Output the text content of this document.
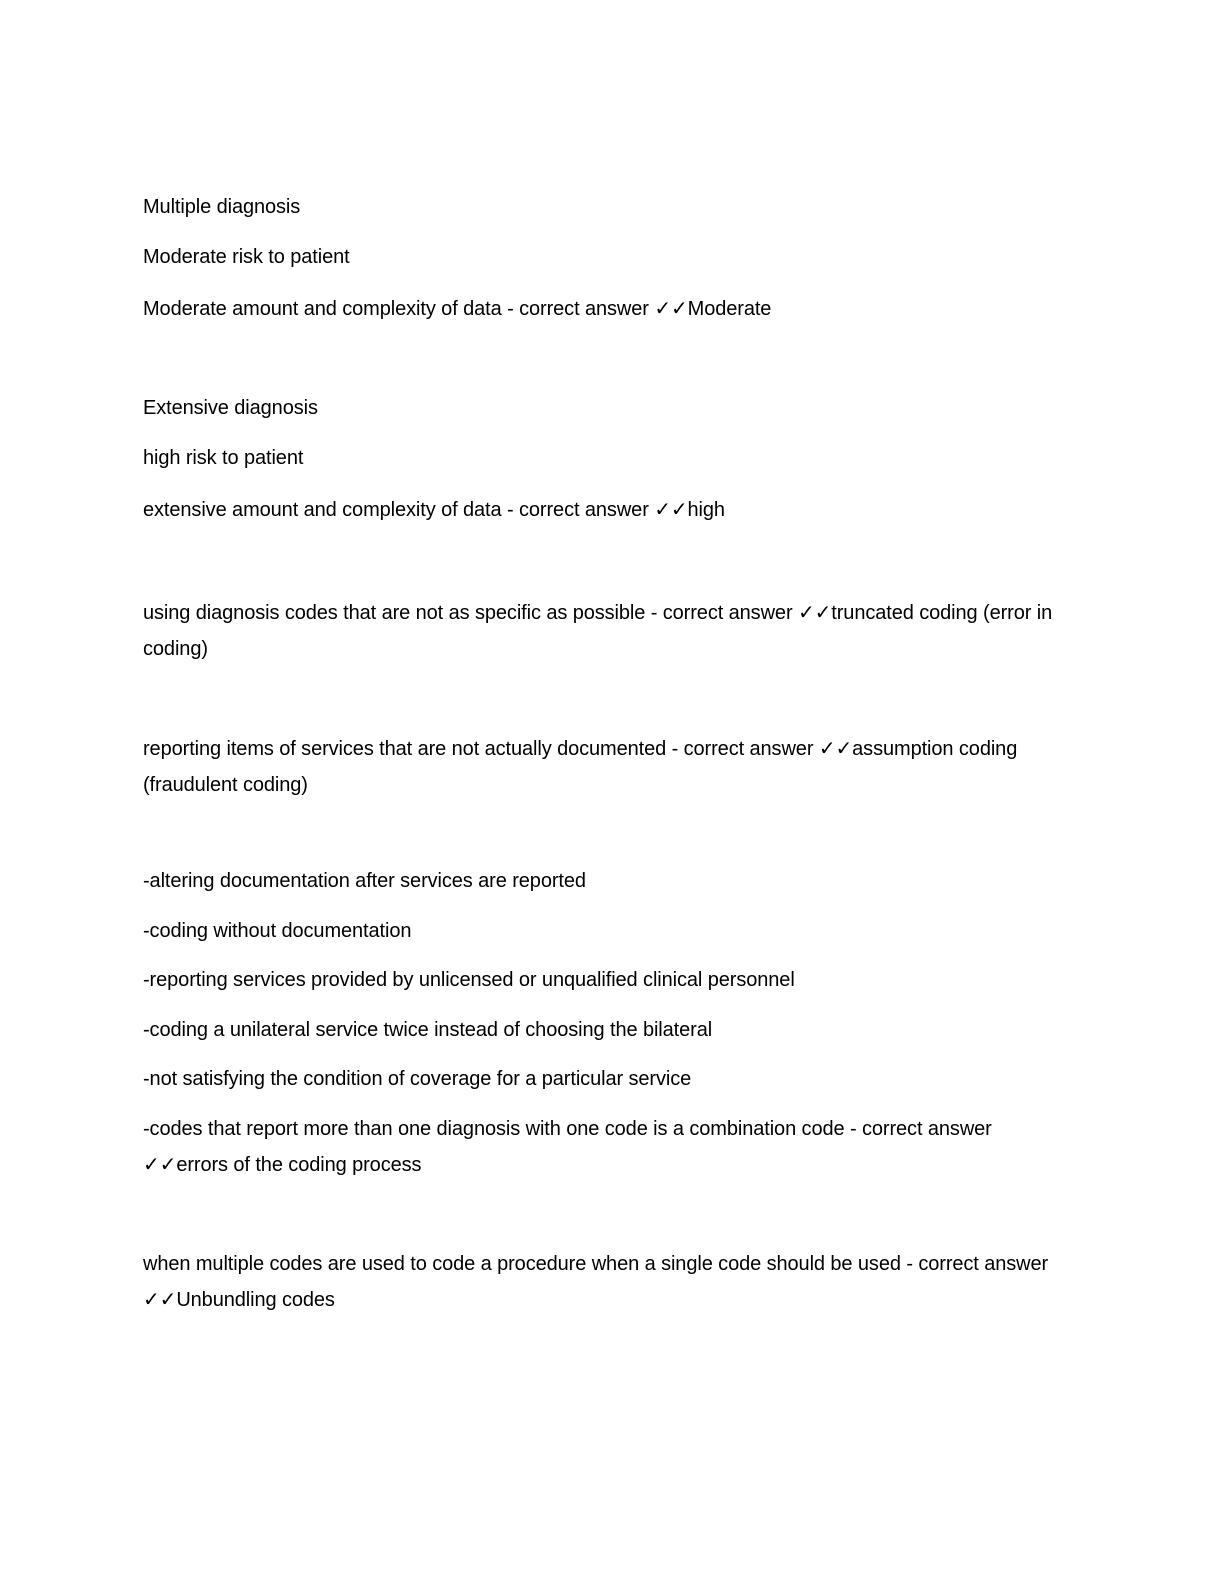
Multiple diagnosis
Moderate risk to patient
Moderate amount and complexity of data - correct answer ✓✓Moderate
Extensive diagnosis
high risk to patient
extensive amount and complexity of data - correct answer ✓✓high
using diagnosis codes that are not as specific as possible - correct answer ✓✓truncated coding (error in coding)
reporting items of services that are not actually documented - correct answer ✓✓assumption coding (fraudulent coding)
-altering documentation after services are reported
-coding without documentation
-reporting services provided by unlicensed or unqualified clinical personnel
-coding a unilateral service twice instead of choosing the bilateral
-not satisfying the condition of coverage for a particular service
-codes that report more than one diagnosis with one code is a combination code - correct answer ✓✓errors of the coding process
when multiple codes are used to code a procedure when a single code should be used - correct answer ✓✓Unbundling codes
